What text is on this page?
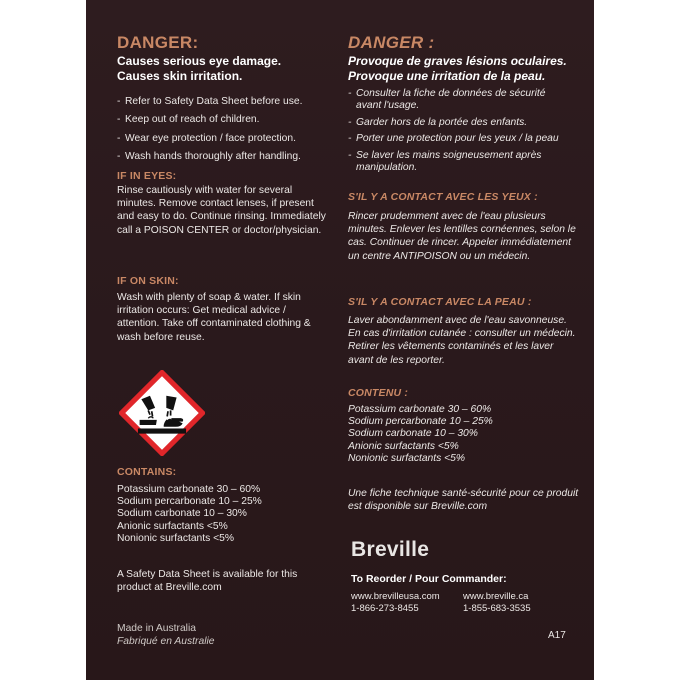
DANGER:
Causes serious eye damage.
Causes skin irritation.
- Refer to Safety Data Sheet before use.
- Keep out of reach of children.
- Wear eye protection / face protection.
- Wash hands thoroughly after handling.
IF IN EYES:
Rinse cautiously with water for several minutes. Remove contact lenses, if present and easy to do. Continue rinsing. Immediately call a POISON CENTER or doctor/physician.
IF ON SKIN:
Wash with plenty of soap & water. If skin irritation occurs: Get medical advice / attention. Take off contaminated clothing & wash before reuse.
CONTAINS:
Potassium carbonate 30 – 60%
Sodium percarbonate 10 – 25%
Sodium carbonate 10 – 30%
Anionic surfactants <5%
Nonionic surfactants <5%
A Safety Data Sheet is available for this product at Breville.com
Made in Australia
Fabriqué en Australie
DANGER :
Provoque de graves lésions oculaires.
Provoque une irritation de la peau.
- Consulter la fiche de données de sécurité avant l'usage.
- Garder hors de la portée des enfants.
- Porter une protection pour les yeux / la peau
- Se laver les mains soigneusement après manipulation.
S'IL Y A CONTACT AVEC LES YEUX :
Rincer prudemment avec de l'eau plusieurs minutes. Enlever les lentilles cornéennes, selon le cas. Continuer de rincer. Appeler immédiatement un centre ANTIPOISON ou un médecin.
S'IL Y A CONTACT AVEC LA PEAU :
Laver abondamment avec de l'eau savonneuse. En cas d'irritation cutanée : consulter un médecin. Retirer les vêtements contaminés et les laver avant de les reporter.
CONTENU :
Potassium carbonate 30 – 60%
Sodium percarbonate 10 – 25%
Sodium carbonate 10 – 30%
Anionic surfactants <5%
Nonionic surfactants <5%
Une fiche technique santé-sécurité pour ce produit est disponible sur Breville.com
Breville
To Reorder / Pour Commander:
www.brevilleusa.com
1-866-273-8455
www.breville.ca
1-855-683-3535
A17
